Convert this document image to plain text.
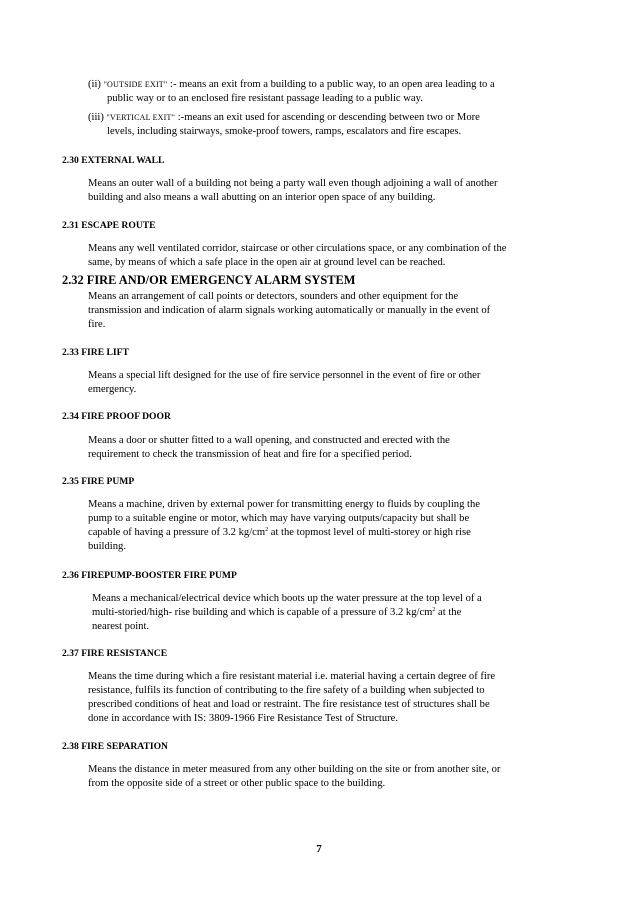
(ii) "OUTSIDE EXIT" :- means an exit from a building to a public way, to an open area leading to a
public way or to an enclosed fire resistant passage leading to a public way.
(iii) "VERTICAL EXIT" :-means an exit used for ascending or descending between two or More
levels, including stairways, smoke-proof towers, ramps, escalators and fire escapes.
2.30 EXTERNAL WALL
Means an outer wall of a building not being a party wall even though adjoining a wall of another
building and also means a wall abutting on an interior open space of any building.
2.31 ESCAPE ROUTE
Means any well ventilated corridor, staircase or other circulations space, or any combination of the
same, by means of which a safe place in the open air at ground level can be reached.
2.32 FIRE AND/OR EMERGENCY ALARM SYSTEM
Means an arrangement of call points or detectors, sounders and other equipment for the
transmission and indication of alarm signals working automatically or manually in the event of
fire.
2.33 FIRE LIFT
Means a special lift designed for the use of fire service personnel in the event of fire or other
emergency.
2.34 FIRE PROOF DOOR
Means a door or shutter fitted to a wall opening, and constructed and erected with the
requirement to check the transmission of heat and fire for a specified period.
2.35 FIRE PUMP
Means a machine, driven by external power for transmitting energy to fluids by coupling the
pump to a suitable engine or motor, which may have varying outputs/capacity but shall be
capable of having a pressure of 3.2 $kg/cm^2$ at the topmost level of multi-storey or high rise
building.
2.36 FIREPUMP-BOOSTER FIRE PUMP
Means a mechanical/electrical device which boots up the water pressure at the top level of a
multi-storied/high- rise building and which is capable of a pressure of 3.2 $kg/cm^2$ at the
nearest point.
2.37 FIRE RESISTANCE
Means the time during which a fire resistant material i.e. material having a certain degree of fire
resistance, fulfils its function of contributing to the fire safety of a building when subjected to
prescribed conditions of heat and load or restraint. The fire resistance test of structures shall be
done in accordance with IS: 3809-1966 Fire Resistance Test of Structure.
2.38 FIRE SEPARATION
Means the distance in meter measured from any other building on the site or from another site, or
from the opposite side of a street or other public space to the building.
7
